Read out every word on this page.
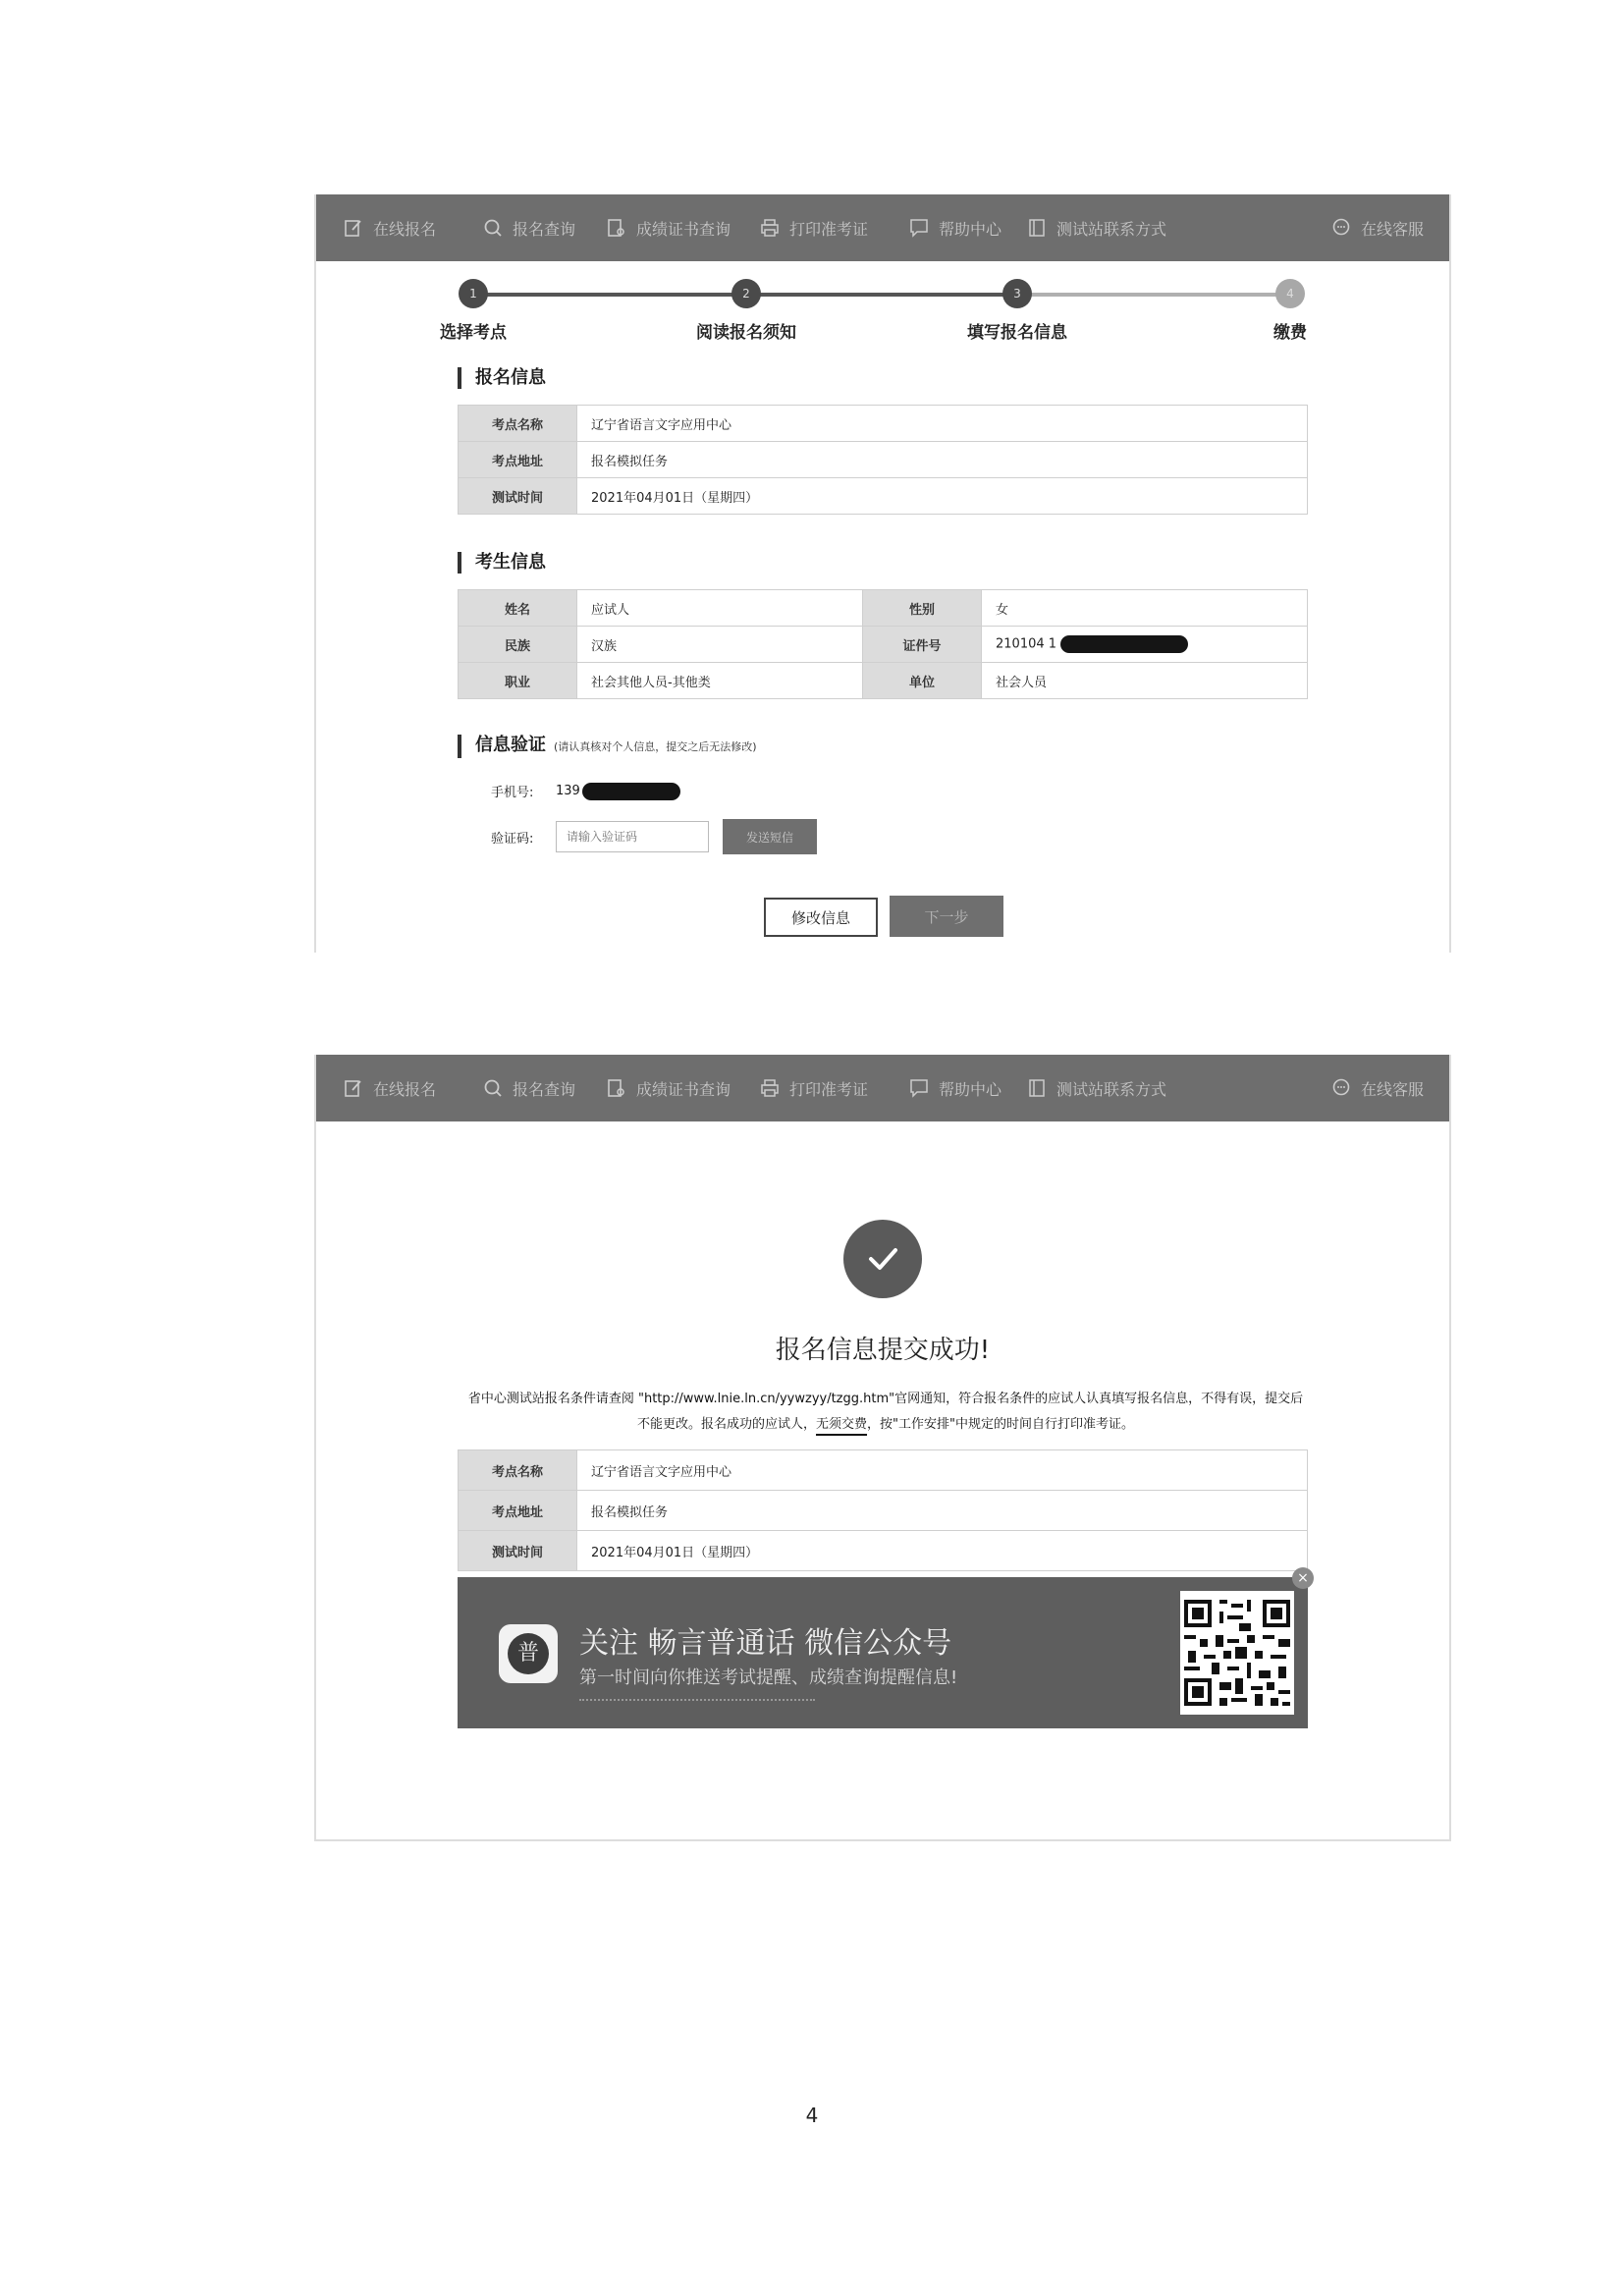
在线报名	报名查询	成绩证书查询	打印准考证	帮助中心	测试站联系方式	在线客服
1
选择考点
2
阅读报名须知
3
填写报名信息
4
缴费
报名信息
考点名称	辽宁省语言文字应用中心
考点地址	报名模拟任务
测试时间	2021年04月01日（星期四）
考生信息
姓名	应试人	性别	女
民族	汉族	证件号	210104 1
职业	社会其他人员-其他类	单位	社会人员
信息验证 (请认真核对个人信息，提交之后无法修改)
手机号:	139
验证码:
请输入验证码	发送短信
修改信息	下一步
在线报名	报名查询	成绩证书查询	打印准考证	帮助中心	测试站联系方式	在线客服
报名信息提交成功!
省中心测试站报名条件请查阅 "http://www.lnie.ln.cn/yywzyy/tzgg.htm"官网通知，符合报名条件的应试人认真填写报名信息，不得有误，提交后不能更改。报名成功的应试人，无须交费，按"工作安排"中规定的时间自行打印准考证。
考点名称	辽宁省语言文字应用中心
考点地址	报名模拟任务
测试时间	2021年04月01日（星期四）
×
普	关注 畅言普通话 微信公众号
第一时间向你推送考试提醒、成绩查询提醒信息!
4
